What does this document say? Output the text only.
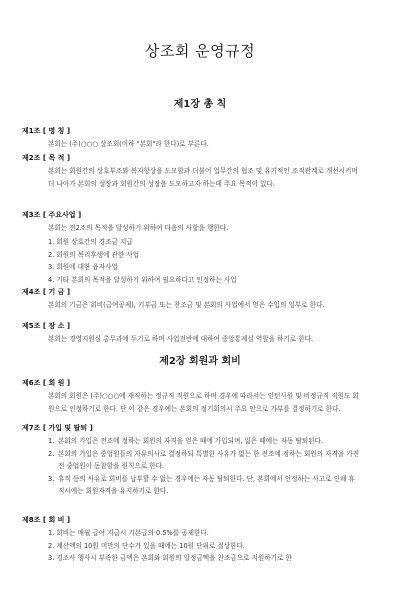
상조회 운영규정
제1장 총 칙
제1조 [ 명 칭 ]

본회는 (주)○○○ 상조회(이하 "본회"라 한다)로 부른다.

제2조 [ 목 적 ]

본회는 회원간의 상호부조와 복지향상을 도모함과 더불어 업무간의 협조 및 유기적인 조직관계로 개선시키며 더 나아가 본회의 성장과 회원간의 성장을 도모하고자 하는데 주요 목적이 있다.

제3조 [ 주요사업 ]

본회는 전2조의 목적을 달성하기 위하여 다음의 사항을 행한다.

1. 회원 상호간의 경조금 지급
2. 회원의 복리후생에 관한 사업
3. 회원에 대한 융자사업
4. 기타 본회의 목적을 달성하기 위하여 필요하다고 인정하는 사업
제4조 [ 기 금 ]

본회의 기금은 회비(급여공제), 기부금 또는 찬조금 및 본회의 사업에서 얻은 수입의 잉부로 한다.

제5조 [ 장 소 ]

본회는 경영지원실 총무과에 두기로 하며 사업전반에 대하여 중앙통제실 역할을 하기로 한다.

제2장 회원과 회비
제6조 [ 회 원 ]

본회의 회원은 (주)○○○에 재직하는 정규직 직원으로 하며 경우에 따라서는 인턴사원 및 비정규직 직원도 회원으로 인정하기로 한다. 단 이 같은 경우에는 본회의 정기회의시 주요 안으로 가부를 결정하기로 한다.

제7조 [ 가입 및 탈퇴 ]
1. 본회의 가입은 전조에 정하는 회원의 자격을 얻은 때에 가입되며, 잃은 때에는 자동 탈퇴된다.
2. 본회의 가입은 중업원들의 자유의사로 결정하되 특별한 사유가 없는 한 전조에 정하는 회원의 자격을 가진 전 중업원이 동참함을 원칙으로 한다.
3. 휴직 등의 사유로 회비를 납부할 수 없는 경우에는 자동 탈퇴한다. 단, 본회에서 인정하는 사고로 인해 휴직시에는 회원자격을 유지하기로 한다.
제8조 [ 회 비 ]
1. 회비는 매월 급여 지급시 기본급의 0.5%를 공제한다.
2. 계산액의 10원 미만의 단수가 있을 때에는 10원 단위로 절상한다.
3. 경조사 행사시 부족한 금액은 본회와 회원의 일정금액을 찬조금으로 지원하기로 한
